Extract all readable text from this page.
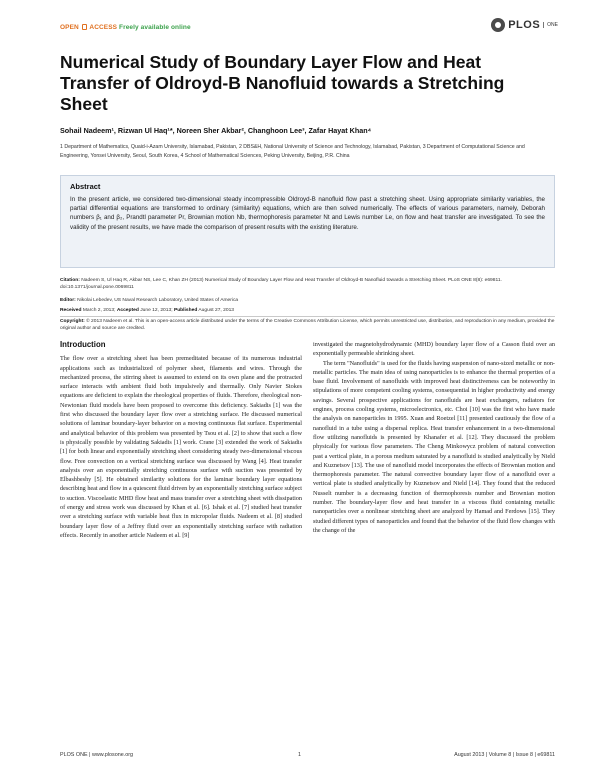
OPEN ACCESS Freely available online	PLOS	ONE
Numerical Study of Boundary Layer Flow and Heat Transfer of Oldroyd-B Nanofluid towards a Stretching Sheet
Sohail Nadeem¹, Rizwan Ul Haq¹*, Noreen Sher Akbar², Changhoon Lee³, Zafar Hayat Khan⁴
1 Department of Mathematics, Quaid-i-Azam University, Islamabad, Pakistan, 2 DBS&H, National University of Science and Technology, Islamabad, Pakistan, 3 Department of Computational Science and Engineering, Yonsei University, Seoul, South Korea, 4 School of Mathematical Sciences, Peking University, Beijing, P.R. China
Abstract
In the present article, we considered two-dimensional steady incompressible Oldroyd-B nanofluid flow past a stretching sheet. Using appropriate similarity variables, the partial differential equations are transformed to ordinary (similarity) equations, which are then solved numerically. The effects of various parameters, namely, Deborah numbers β₁ and β₂, Prandtl parameter Pr, Brownian motion Nb, thermophoresis parameter Nt and Lewis number Le, on flow and heat transfer are investigated. To see the validity of the present results, we have made the comparison of present results with the existing literature.
Citation: Nadeem S, Ul Haq R, Akbar NS, Lee C, Khan ZH (2013) Numerical Study of Boundary Layer Flow and Heat Transfer of Oldroyd-B Nanofluid towards a Stretching Sheet. PLoS ONE 8(8): e69811. doi:10.1371/journal.pone.0069811
Editor: Nikolai Lebedev, US Naval Research Laboratory, United States of America
Received March 2, 2013; Accepted June 12, 2013; Published August 27, 2013
Copyright: © 2013 Nadeem et al. This is an open-access article distributed under the terms of the Creative Commons Attribution License, which permits unrestricted use, distribution, and reproduction in any medium, provided the original author and source are credited.
Introduction

The flow over a stretching sheet has been premeditated because of its numerous industrial applications such as industrialized of polymer sheet, filaments and wires. Through the mechanized process, the stirring sheet is assumed to extend on its own plane and the protracted surface interacts with ambient fluid both impulsively and thermally. Only Navier Stokes equations are deficient to explain the rheological properties of fluids. Therefore, rheological non-Newtonian fluid models have been proposed to overcome this deficiency. Sakiadis [1] was the first who discussed the boundary layer flow over a stretching surface. He discussed numerical solutions of laminar boundary-layer behavior on a moving continuous flat surface. Experimental and analytical behavior of this problem was presented by Tsou et al. [2] to show that such a flow is physically possible by validating Sakiadis [1] work. Crane [3] extended the work of Sakiadis [1] for both linear and exponentially stretching sheet considering steady two-dimensional viscous flow. Free convection on a vertical stretching surface was discussed by Wang [4]. Heat transfer analysis over an exponentially stretching continuous surface with suction was presented by Elbashbeshy [5]. He obtained similarity solutions for the laminar boundary layer equations describing heat and flow in a quiescent fluid driven by an exponentially stretching surface subject to suction. Viscoelastic MHD flow heat and mass transfer over a stretching sheet with dissipation of energy and stress work was discussed by Khan et al. [6]. Ishak et al. [7] studied heat transfer over a stretching surface with variable heat flux in micropolar fluids. Nadeem et al. [8] studied boundary layer flow of a Jeffrey fluid over an exponentially stretching surface with radiation effects. Recently in another article Nadeem et al. [9]

investigated the magnetohydrodynamic (MHD) boundary layer flow of a Casson fluid over an exponentially permeable shrinking sheet.

The term "Nanofluids" is used for the fluids having suspension of nano-sized metallic or non-metallic particles. The main idea of using nanoparticles is to enhance the thermal properties of a base fluid. Involvement of nanofluids with improved heat distinctiveness can be noteworthy in stipulations of more competent cooling systems, consequential in higher productivity and energy savings. Several prospective applications for nanofluids are heat exchangers, radiators for engines, process cooling systems, microelectronics, etc. Choi [10] was the first who have made the analysis on nanoparticles in 1995. Xuan and Roetzel [11] presented cautiously the flow of a nanofluid in a tube using a dispersal replica. Heat transfer enhancement in a two-dimensional flow utilizing nanofluids is presented by Khanafer et al. [12]. They discussed the problem physically for various flow parameters. The Cheng Minkowycz problem of natural convection past a vertical plate, in a porous medium saturated by a nanofluid is studied analytically by Nield and Kuznetsov [13]. The use of nanofluid model incorporates the effects of Brownian motion and thermophoresis parameter. The natural convective boundary layer flow of a nanofluid over a vertical plate is studied analytically by Kuznetsov and Nield [14]. They found that the reduced Nusselt number is a decreasing function of thermophoresis number and Brownian motion number. The boundary-layer flow and heat transfer in a viscous fluid containing metallic nanoparticles over a nonlinear stretching sheet are analyzed by Hamad and Ferdows [15]. They studied different types of nanoparticles and found that the behavior of the fluid flow changes with the change of the

PLOS ONE | www.plosone.org	1	August 2013 | Volume 8 | Issue 8 | e69811
